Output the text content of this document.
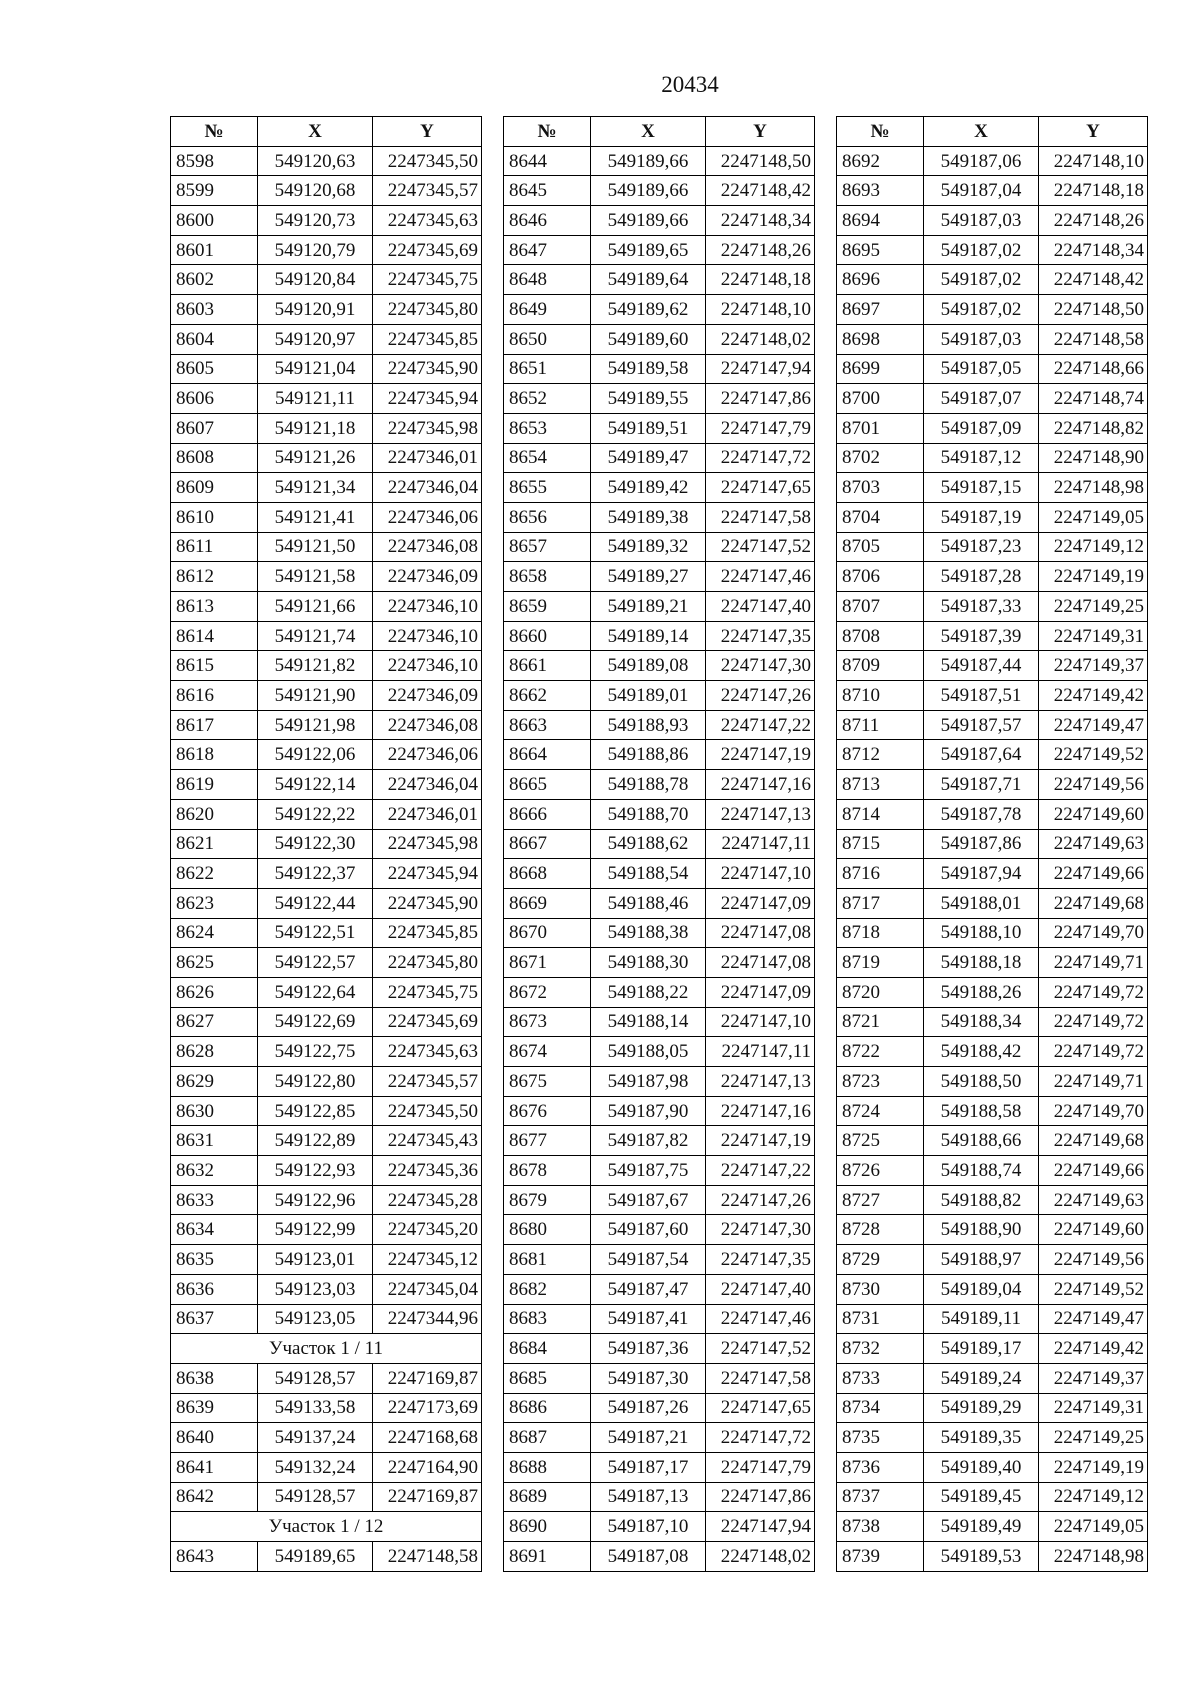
20434
№	X	Y
8598	549120,63	2247345,50
8599	549120,68	2247345,57
8600	549120,73	2247345,63
8601	549120,79	2247345,69
8602	549120,84	2247345,75
8603	549120,91	2247345,80
8604	549120,97	2247345,85
8605	549121,04	2247345,90
8606	549121,11	2247345,94
8607	549121,18	2247345,98
8608	549121,26	2247346,01
8609	549121,34	2247346,04
8610	549121,41	2247346,06
8611	549121,50	2247346,08
8612	549121,58	2247346,09
8613	549121,66	2247346,10
8614	549121,74	2247346,10
8615	549121,82	2247346,10
8616	549121,90	2247346,09
8617	549121,98	2247346,08
8618	549122,06	2247346,06
8619	549122,14	2247346,04
8620	549122,22	2247346,01
8621	549122,30	2247345,98
8622	549122,37	2247345,94
8623	549122,44	2247345,90
8624	549122,51	2247345,85
8625	549122,57	2247345,80
8626	549122,64	2247345,75
8627	549122,69	2247345,69
8628	549122,75	2247345,63
8629	549122,80	2247345,57
8630	549122,85	2247345,50
8631	549122,89	2247345,43
8632	549122,93	2247345,36
8633	549122,96	2247345,28
8634	549122,99	2247345,20
8635	549123,01	2247345,12
8636	549123,03	2247345,04
8637	549123,05	2247344,96
Участок 1 / 11		
8638	549128,57	2247169,87
8639	549133,58	2247173,69
8640	549137,24	2247168,68
8641	549132,24	2247164,90
8642	549128,57	2247169,87
Участок 1 / 12		
8643	549189,65	2247148,58
№	X	Y
8644	549189,66	2247148,50
8645	549189,66	2247148,42
8646	549189,66	2247148,34
8647	549189,65	2247148,26
8648	549189,64	2247148,18
8649	549189,62	2247148,10
8650	549189,60	2247148,02
8651	549189,58	2247147,94
8652	549189,55	2247147,86
8653	549189,51	2247147,79
8654	549189,47	2247147,72
8655	549189,42	2247147,65
8656	549189,38	2247147,58
8657	549189,32	2247147,52
8658	549189,27	2247147,46
8659	549189,21	2247147,40
8660	549189,14	2247147,35
8661	549189,08	2247147,30
8662	549189,01	2247147,26
8663	549188,93	2247147,22
8664	549188,86	2247147,19
8665	549188,78	2247147,16
8666	549188,70	2247147,13
8667	549188,62	2247147,11
8668	549188,54	2247147,10
8669	549188,46	2247147,09
8670	549188,38	2247147,08
8671	549188,30	2247147,08
8672	549188,22	2247147,09
8673	549188,14	2247147,10
8674	549188,05	2247147,11
8675	549187,98	2247147,13
8676	549187,90	2247147,16
8677	549187,82	2247147,19
8678	549187,75	2247147,22
8679	549187,67	2247147,26
8680	549187,60	2247147,30
8681	549187,54	2247147,35
8682	549187,47	2247147,40
8683	549187,41	2247147,46
8684	549187,36	2247147,52
8685	549187,30	2247147,58
8686	549187,26	2247147,65
8687	549187,21	2247147,72
8688	549187,17	2247147,79
8689	549187,13	2247147,86
8690	549187,10	2247147,94
8691	549187,08	2247148,02
№	X	Y
8692	549187,06	2247148,10
8693	549187,04	2247148,18
8694	549187,03	2247148,26
8695	549187,02	2247148,34
8696	549187,02	2247148,42
8697	549187,02	2247148,50
8698	549187,03	2247148,58
8699	549187,05	2247148,66
8700	549187,07	2247148,74
8701	549187,09	2247148,82
8702	549187,12	2247148,90
8703	549187,15	2247148,98
8704	549187,19	2247149,05
8705	549187,23	2247149,12
8706	549187,28	2247149,19
8707	549187,33	2247149,25
8708	549187,39	2247149,31
8709	549187,44	2247149,37
8710	549187,51	2247149,42
8711	549187,57	2247149,47
8712	549187,64	2247149,52
8713	549187,71	2247149,56
8714	549187,78	2247149,60
8715	549187,86	2247149,63
8716	549187,94	2247149,66
8717	549188,01	2247149,68
8718	549188,10	2247149,70
8719	549188,18	2247149,71
8720	549188,26	2247149,72
8721	549188,34	2247149,72
8722	549188,42	2247149,72
8723	549188,50	2247149,71
8724	549188,58	2247149,70
8725	549188,66	2247149,68
8726	549188,74	2247149,66
8727	549188,82	2247149,63
8728	549188,90	2247149,60
8729	549188,97	2247149,56
8730	549189,04	2247149,52
8731	549189,11	2247149,47
8732	549189,17	2247149,42
8733	549189,24	2247149,37
8734	549189,29	2247149,31
8735	549189,35	2247149,25
8736	549189,40	2247149,19
8737	549189,45	2247149,12
8738	549189,49	2247149,05
8739	549189,53	2247148,98
